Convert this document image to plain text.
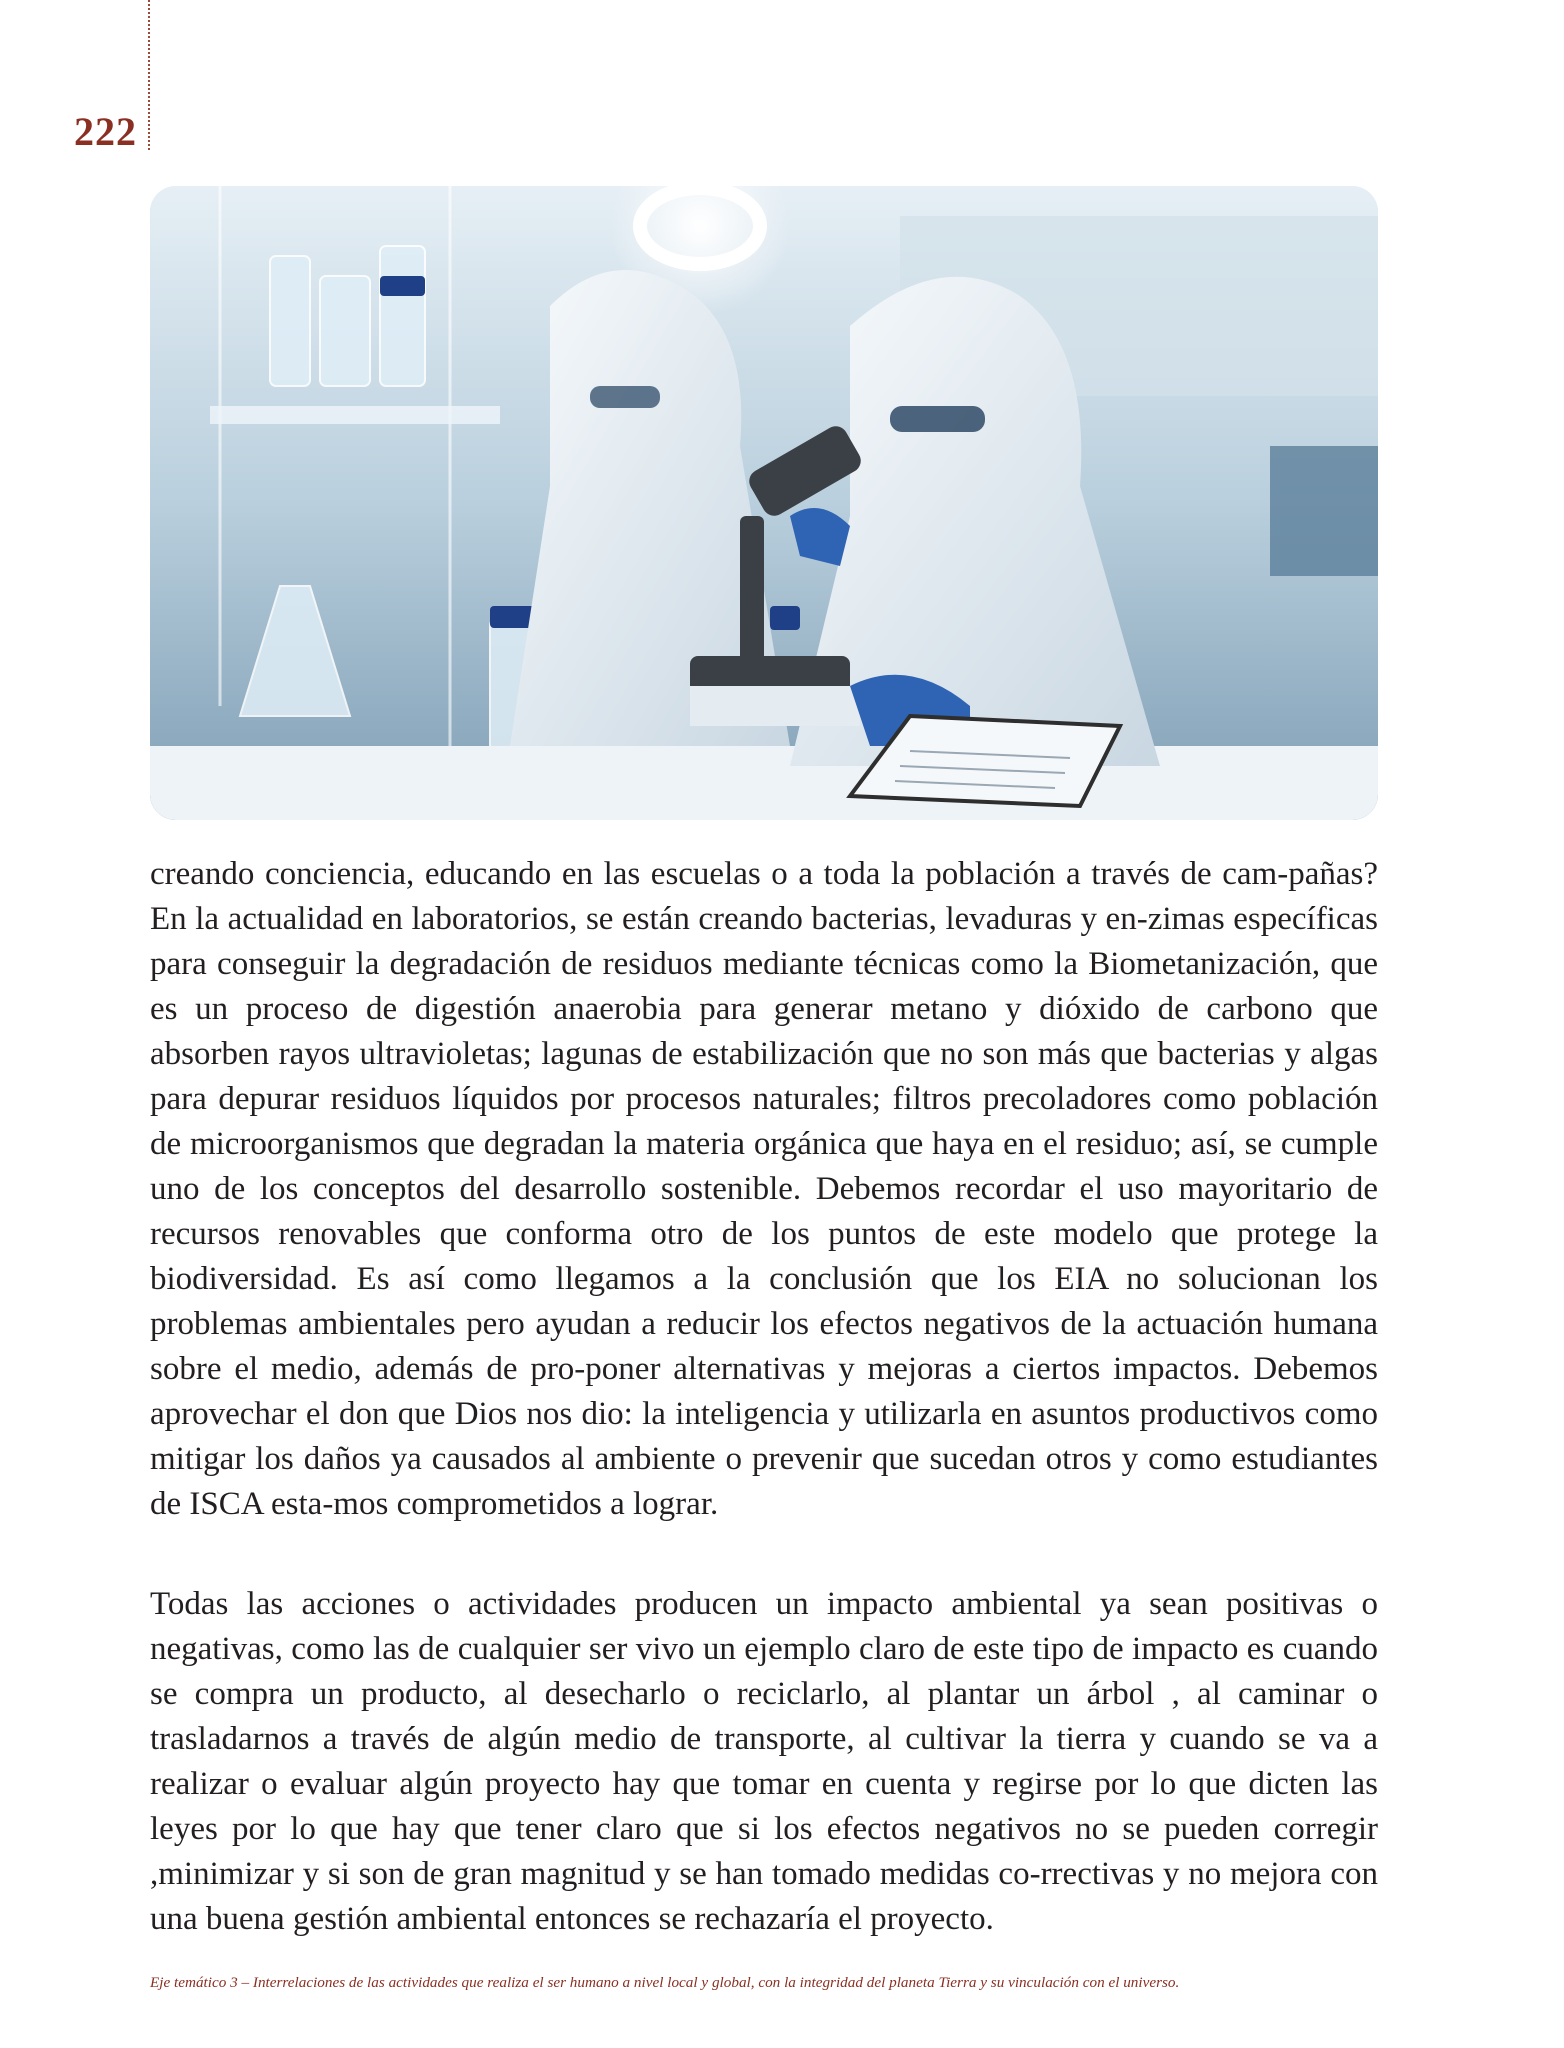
222
creando conciencia, educando en las escuelas o a toda la población a través de cam-pañas? En la actualidad en laboratorios, se están creando bacterias, levaduras y en-zimas específicas para conseguir la degradación de residuos mediante técnicas como la Biometanización, que es un proceso de digestión anaerobia para generar metano y dióxido de carbono que absorben rayos ultravioletas; lagunas de estabilización que no son más que bacterias y algas para depurar residuos líquidos por procesos naturales; filtros precoladores como población de microorganismos que degradan la materia orgánica que haya en el residuo; así, se cumple uno de los conceptos del desarrollo sostenible. Debemos recordar el uso mayoritario de recursos renovables que conforma otro de los puntos de este modelo que protege la biodiversidad. Es así como llegamos a la conclusión que los EIA no solucionan los problemas ambientales pero ayudan a reducir los efectos negativos de la actuación humana sobre el medio, además de pro-poner alternativas y mejoras a ciertos impactos. Debemos aprovechar el don que Dios nos dio: la inteligencia y utilizarla en asuntos productivos como mitigar los daños ya causados al ambiente o prevenir que sucedan otros y como estudiantes de ISCA esta-mos comprometidos a lograr.
Todas las acciones o actividades producen un impacto ambiental ya sean positivas o negativas, como las de cualquier ser vivo un ejemplo claro de este tipo de impacto es cuando se compra un producto, al desecharlo o reciclarlo, al plantar un árbol , al caminar o trasladarnos a través de algún medio de transporte, al cultivar la tierra y cuando se va a realizar o evaluar algún proyecto hay que tomar en cuenta y regirse por lo que dicten las leyes por lo que hay que tener claro que si los efectos negativos no se pueden corregir ,minimizar y si son de gran magnitud y se han tomado medidas co-rrectivas y no mejora con una buena gestión ambiental entonces se rechazaría el proyecto.
Eje temático 3 – Interrelaciones de las actividades que realiza el ser humano a nivel local y global, con la integridad del planeta Tierra y su vinculación con el universo.
